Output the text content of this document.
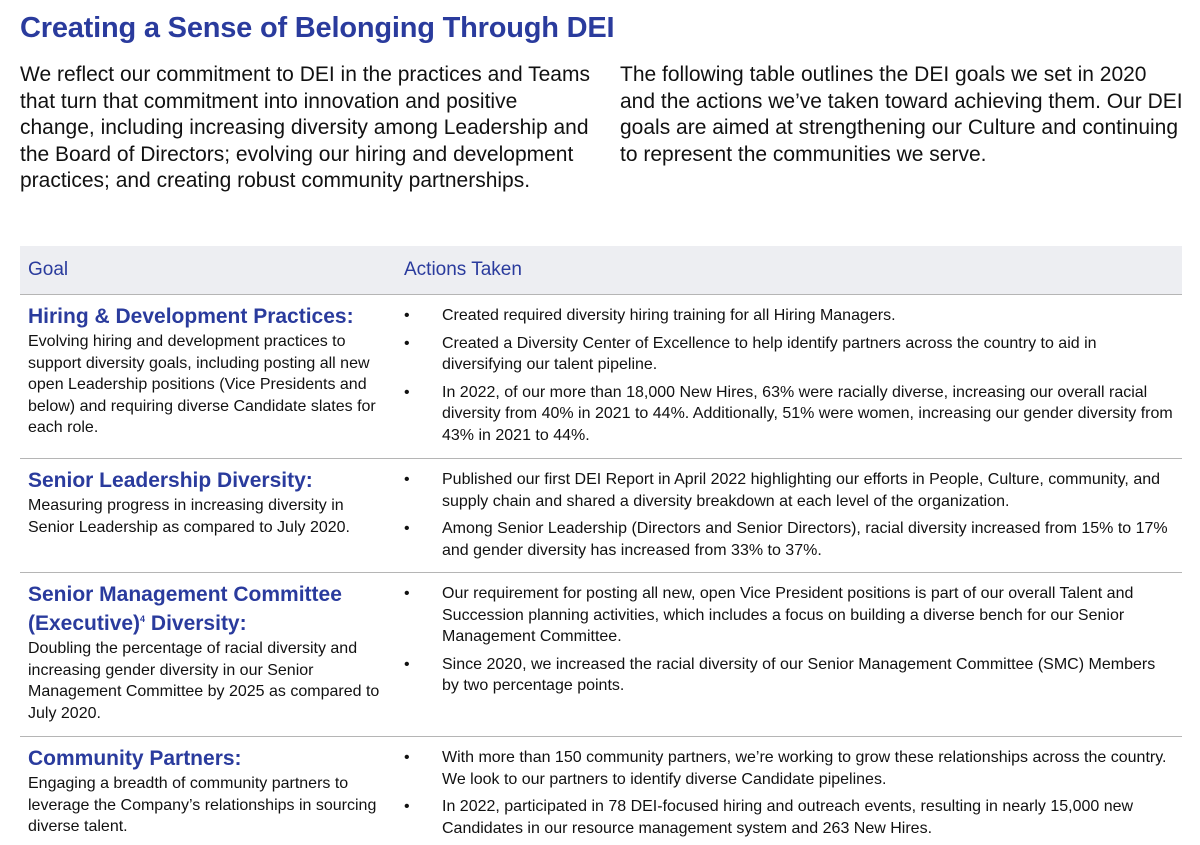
Creating a Sense of Belonging Through DEI

We reflect our commitment to DEI in the practices and Teams that turn that commitment into innovation and positive change, including increasing diversity among Leadership and the Board of Directors; evolving our hiring and development practices; and creating robust community partnerships.

The following table outlines the DEI goals we set in 2020 and the actions we’ve taken toward achieving them. Our DEI goals are aimed at strengthening our Culture and continuing to represent the communities we serve.

Goal	Actions Taken

Hiring & Development Practices:

Evolving hiring and development practices to support diversity goals, including posting all new open Leadership positions (Vice Presidents and below) and requiring diverse Candidate slates for each role.

• Created required diversity hiring training for all Hiring Managers.
• Created a Diversity Center of Excellence to help identify partners across the country to aid in diversifying our talent pipeline.
• In 2022, of our more than 18,000 New Hires, 63% were racially diverse, increasing our overall racial diversity from 40% in 2021 to 44%. Additionally, 51% were women, increasing our gender diversity from 43% in 2021 to 44%.

Senior Leadership Diversity:

Measuring progress in increasing diversity in Senior Leadership as compared to July 2020.

• Published our first DEI Report in April 2022 highlighting our efforts in People, Culture, community, and supply chain and shared a diversity breakdown at each level of the organization.
• Among Senior Leadership (Directors and Senior Directors), racial diversity increased from 15% to 17% and gender diversity has increased from 33% to 37%.

Senior Management Committee
(Executive)$^4$ Diversity:

Doubling the percentage of racial diversity and increasing gender diversity in our Senior Management Committee by 2025 as compared to July 2020.

• Our requirement for posting all new, open Vice President positions is part of our overall Talent and Succession planning activities, which includes a focus on building a diverse bench for our Senior Management Committee.
• Since 2020, we increased the racial diversity of our Senior Management Committee (SMC) Members by two percentage points.

Community Partners:

Engaging a breadth of community partners to leverage the Company’s relationships in sourcing diverse talent.

• With more than 150 community partners, we’re working to grow these relationships across the country. We look to our partners to identify diverse Candidate pipelines.
• In 2022, participated in 78 DEI-focused hiring and outreach events, resulting in nearly 15,000 new Candidates in our resource management system and 263 New Hires.
